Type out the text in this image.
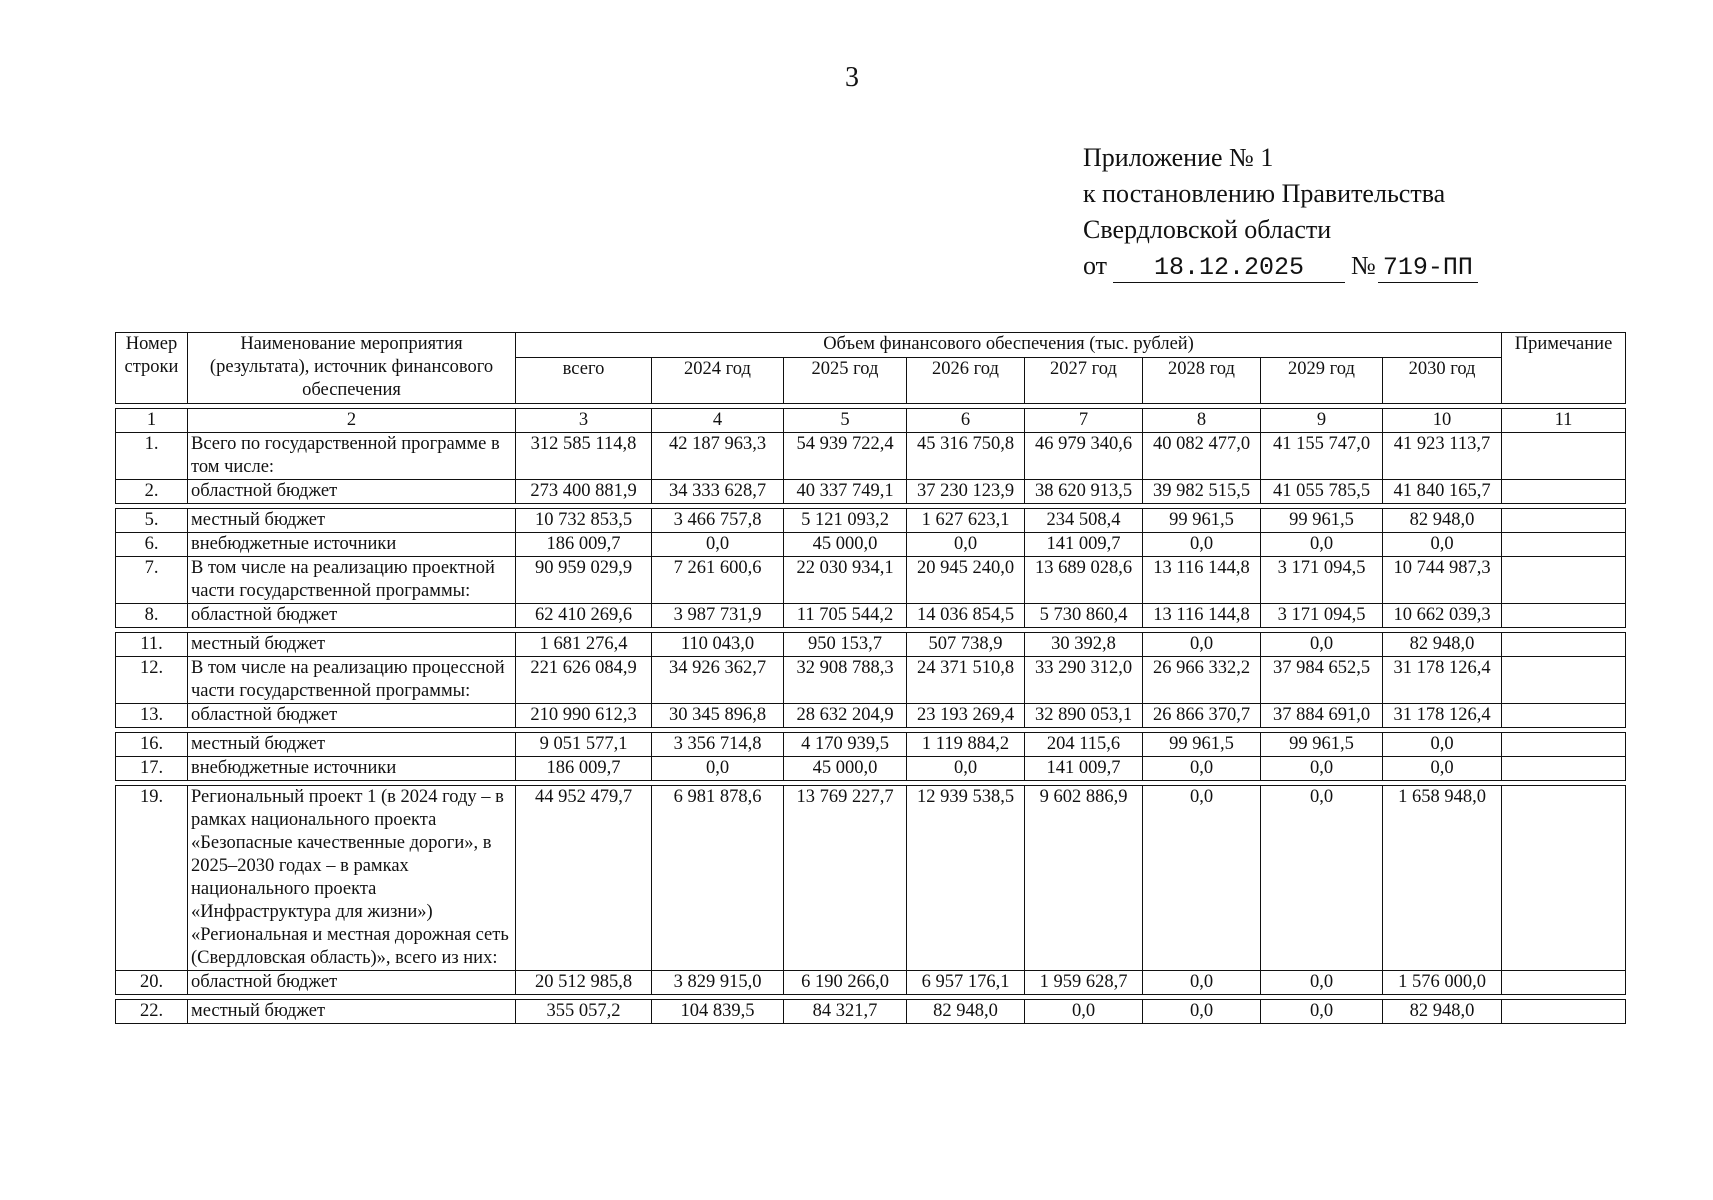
3
Приложение № 1
к постановлению Правительства
Свердловской области
от 18.12.2025 № 719-ПП
Номер строки	Наименование мероприятия (результата), источник финансового обеспечения	Объем финансового обеспечения (тыс. рублей)								Примечание
		всего	2024 год	2025 год	2026 год	2027 год	2028 год	2029 год	2030 год	

1	2	3	4	5	6	7	8	9	10	11
1.	Всего по государственной программе в том числе:	312 585 114,8	42 187 963,3	54 939 722,4	45 316 750,8	46 979 340,6	40 082 477,0	41 155 747,0	41 923 113,7	
2.	областной бюджет	273 400 881,9	34 333 628,7	40 337 749,1	37 230 123,9	38 620 913,5	39 982 515,5	41 055 785,5	41 840 165,7	

5.	местный бюджет	10 732 853,5	3 466 757,8	5 121 093,2	1 627 623,1	234 508,4	99 961,5	99 961,5	82 948,0	
6.	внебюджетные источники	186 009,7	0,0	45 000,0	0,0	141 009,7	0,0	0,0	0,0	
7.	В том числе на реализацию проектной части государственной программы:	90 959 029,9	7 261 600,6	22 030 934,1	20 945 240,0	13 689 028,6	13 116 144,8	3 171 094,5	10 744 987,3	
8.	областной бюджет	62 410 269,6	3 987 731,9	11 705 544,2	14 036 854,5	5 730 860,4	13 116 144,8	3 171 094,5	10 662 039,3	

11.	местный бюджет	1 681 276,4	110 043,0	950 153,7	507 738,9	30 392,8	0,0	0,0	82 948,0	
12.	В том числе на реализацию процессной части государственной программы:	221 626 084,9	34 926 362,7	32 908 788,3	24 371 510,8	33 290 312,0	26 966 332,2	37 984 652,5	31 178 126,4	
13.	областной бюджет	210 990 612,3	30 345 896,8	28 632 204,9	23 193 269,4	32 890 053,1	26 866 370,7	37 884 691,0	31 178 126,4	

16.	местный бюджет	9 051 577,1	3 356 714,8	4 170 939,5	1 119 884,2	204 115,6	99 961,5	99 961,5	0,0	
17.	внебюджетные источники	186 009,7	0,0	45 000,0	0,0	141 009,7	0,0	0,0	0,0	

19.	Региональный проект 1 (в 2024 году – в рамках национального проекта «Безопасные качественные дороги», в 2025–2030 годах – в рамках национального проекта «Инфраструктура для жизни») «Региональная и местная дорожная сеть (Свердловская область)», всего из них:	44 952 479,7	6 981 878,6	13 769 227,7	12 939 538,5	9 602 886,9	0,0	0,0	1 658 948,0	
20.	областной бюджет	20 512 985,8	3 829 915,0	6 190 266,0	6 957 176,1	1 959 628,7	0,0	0,0	1 576 000,0	

22.	местный бюджет	355 057,2	104 839,5	84 321,7	82 948,0	0,0	0,0	0,0	82 948,0	
